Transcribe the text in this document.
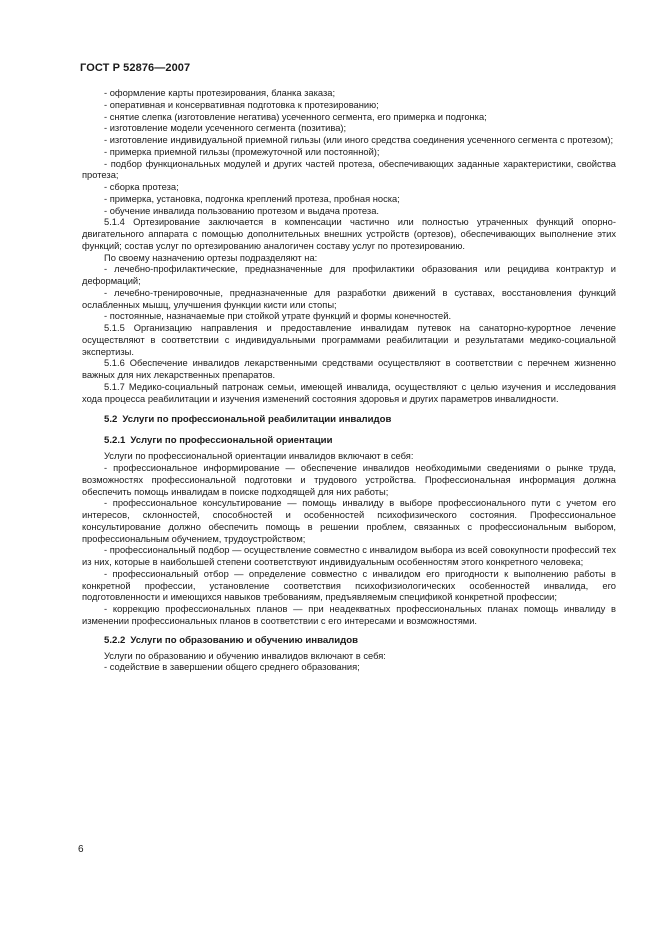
ГОСТ Р 52876—2007

- оформление карты протезирования, бланка заказа;

- оперативная и консервативная подготовка к протезированию;

- снятие слепка (изготовление негатива) усеченного сегмента, его примерка и подгонка;

- изготовление модели усеченного сегмента (позитива);

- изготовление индивидуальной приемной гильзы (или иного средства соединения усеченного сегмента с протезом);

- примерка приемной гильзы (промежуточной или постоянной);

- подбор функциональных модулей и других частей протеза, обеспечивающих заданные характеристики, свойства протеза;

- сборка протеза;

- примерка, установка, подгонка креплений протеза, пробная носка;

- обучение инвалида пользованию протезом и выдача протеза.

5.1.4 Ортезирование заключается в компенсации частично или полностью утраченных функций опорно-двигательного аппарата с помощью дополнительных внешних устройств (ортезов), обеспечивающих выполнение этих функций; состав услуг по ортезированию аналогичен составу услуг по протезированию.

По своему назначению ортезы подразделяют на:

- лечебно-профилактические, предназначенные для профилактики образования или рецидива контрактур и деформаций;

- лечебно-тренировочные, предназначенные для разработки движений в суставах, восстановления функций ослабленных мышц, улучшения функции кисти или стопы;

- постоянные, назначаемые при стойкой утрате функций и формы конечностей.

5.1.5 Организацию направления и предоставление инвалидам путевок на санаторно-курортное лечение осуществляют в соответствии с индивидуальными программами реабилитации и результатами медико-социальной экспертизы.

5.1.6 Обеспечение инвалидов лекарственными средствами осуществляют в соответствии с перечнем жизненно важных для них лекарственных препаратов.

5.1.7 Медико-социальный патронаж семьи, имеющей инвалида, осуществляют с целью изучения и исследования хода процесса реабилитации и изучения изменений состояния здоровья и других параметров инвалидности.

5.2 Услуги по профессиональной реабилитации инвалидов
5.2.1 Услуги по профессиональной ориентации

Услуги по профессиональной ориентации инвалидов включают в себя:

- профессиональное информирование — обеспечение инвалидов необходимыми сведениями о рынке труда, возможностях профессиональной подготовки и трудового устройства. Профессиональная информация должна обеспечить помощь инвалидам в поиске подходящей для них работы;

- профессиональное консультирование — помощь инвалиду в выборе профессионального пути с учетом его интересов, склонностей, способностей и особенностей психофизического состояния. Профессиональное консультирование должно обеспечить помощь в решении проблем, связанных с профессиональным выбором, профессиональным обучением, трудоустройством;

- профессиональный подбор — осуществление совместно с инвалидом выбора из всей совокупности профессий тех из них, которые в наибольшей степени соответствуют индивидуальным особенностям этого конкретного человека;

- профессиональный отбор — определение совместно с инвалидом его пригодности к выполнению работы в конкретной профессии, установление соответствия психофизиологических особенностей инвалида, его подготовленности и имеющихся навыков требованиям, предъявляемым спецификой конкретной профессии;

- коррекцию профессиональных планов — при неадекватных профессиональных планах помощь инвалиду в изменении профессиональных планов в соответствии с его интересами и возможностями.

5.2.2 Услуги по образованию и обучению инвалидов

Услуги по образованию и обучению инвалидов включают в себя:

- содействие в завершении общего среднего образования;

6
